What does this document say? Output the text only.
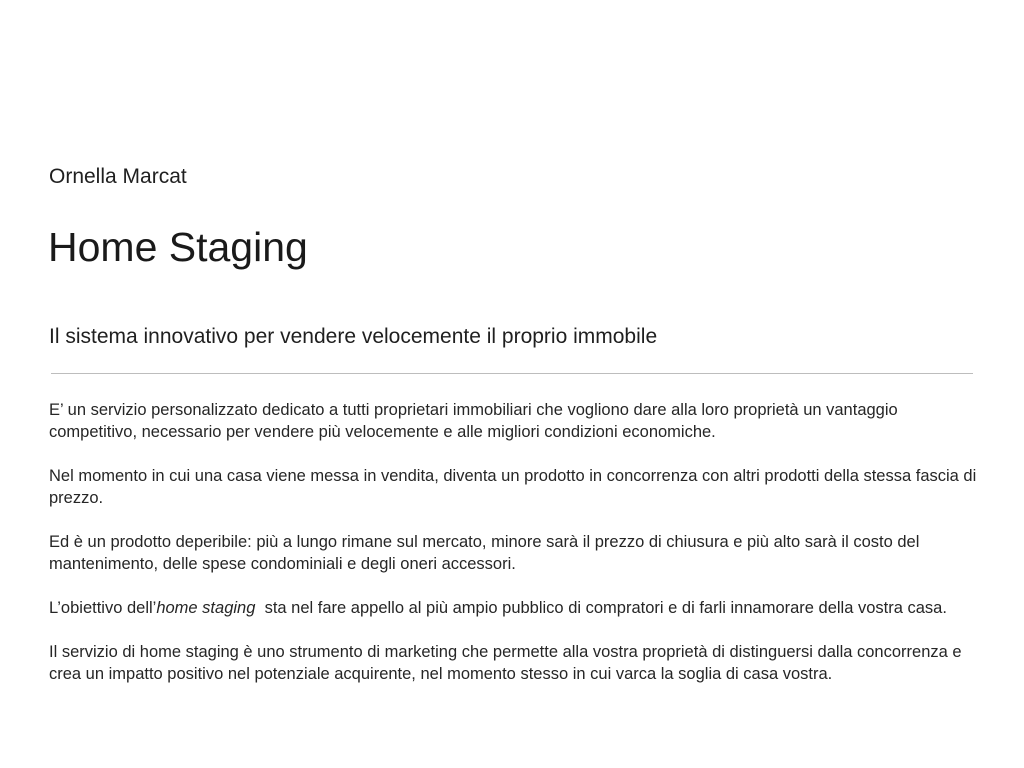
Ornella Marcat
Home Staging
Il sistema innovativo per vendere velocemente il proprio immobile

E’ un servizio personalizzato dedicato a tutti proprietari immobiliari che vogliono dare alla loro proprietà un vantaggio competitivo, necessario per vendere più velocemente e alle migliori condizioni economiche.

Nel momento in cui una casa viene messa in vendita, diventa un prodotto in concorrenza con altri prodotti della stessa fascia di prezzo.

Ed è un prodotto deperibile: più a lungo rimane sul mercato, minore sarà il prezzo di chiusura e più alto sarà il costo del mantenimento, delle spese condominiali e degli oneri accessori.

L’obiettivo dell’home staging  sta nel fare appello al più ampio pubblico di compratori e di farli innamorare della vostra casa.

Il servizio di home staging è uno strumento di marketing che permette alla vostra proprietà di distinguersi dalla concorrenza e crea un impatto positivo nel potenziale acquirente, nel momento stesso in cui varca la soglia di casa vostra.
